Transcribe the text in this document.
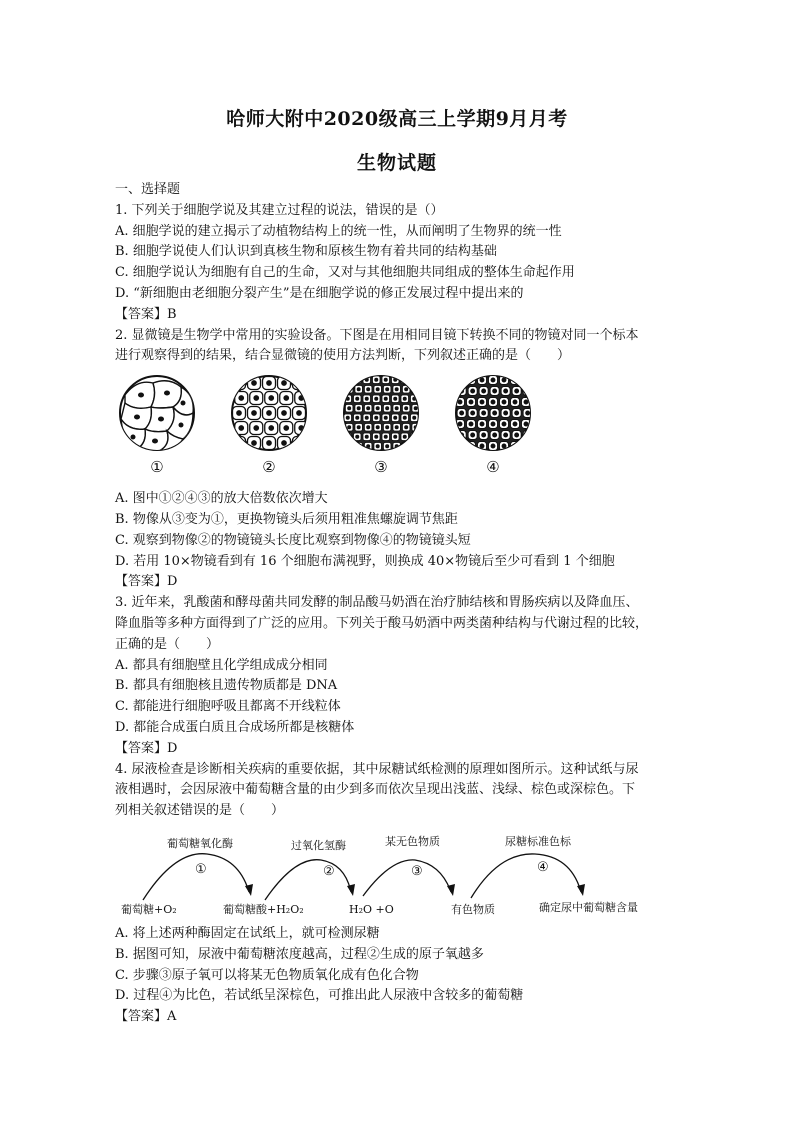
哈师大附中2020级高三上学期9月月考
生物试题
一、选择题
1. 下列关于细胞学说及其建立过程的说法，错误的是（）
A. 细胞学说的建立揭示了动植物结构上的统一性，从而阐明了生物界的统一性
B. 细胞学说使人们认识到真核生物和原核生物有着共同的结构基础
C. 细胞学说认为细胞有自己的生命，又对与其他细胞共同组成的整体生命起作用
D. “新细胞由老细胞分裂产生”是在细胞学说的修正发展过程中提出来的
【答案】B
2. 显微镜是生物学中常用的实验设备。下图是在用相同目镜下转换不同的物镜对同一个标本
进行观察得到的结果，结合显微镜的使用方法判断，下列叙述正确的是（　　）
①	②	③	④
A. 图中①②④③的放大倍数依次增大
B. 物像从③变为①，更换物镜头后须用粗准焦螺旋调节焦距
C. 观察到物像②的物镜镜头长度比观察到物像④的物镜镜头短
D. 若用 10×物镜看到有 16 个细胞布满视野，则换成 40×物镜后至少可看到 1 个细胞
【答案】D
3. 近年来，乳酸菌和酵母菌共同发酵的制品酸马奶酒在治疗肺结核和胃肠疾病以及降血压、
降血脂等多种方面得到了广泛的应用。下列关于酸马奶酒中两类菌种结构与代谢过程的比较，
正确的是（　　）
A. 都具有细胞壁且化学组成成分相同
B. 都具有细胞核且遗传物质都是 DNA
C. 都能进行细胞呼吸且都离不开线粒体
D. 都能合成蛋白质且合成场所都是核糖体
【答案】D
4. 尿液检查是诊断相关疾病的重要依据，其中尿糖试纸检测的原理如图所示。这种试纸与尿
液相遇时，会因尿液中葡萄糖含量的由少到多而依次呈现出浅蓝、浅绿、棕色或深棕色。下
列相关叙述错误的是（　　）
葡萄糖氧化酶	过氧化氢酶	某无色物质	尿糖标准色标
①	②	③	④
葡萄糖+O₂	葡萄糖酸+H₂O₂	H₂O +O	有色物质	确定尿中葡萄糖含量
A. 将上述两种酶固定在试纸上，就可检测尿糖
B. 据图可知，尿液中葡萄糖浓度越高，过程②生成的原子氧越多
C. 步骤③原子氧可以将某无色物质氧化成有色化合物
D. 过程④为比色，若试纸呈深棕色，可推出此人尿液中含较多的葡萄糖
【答案】A
